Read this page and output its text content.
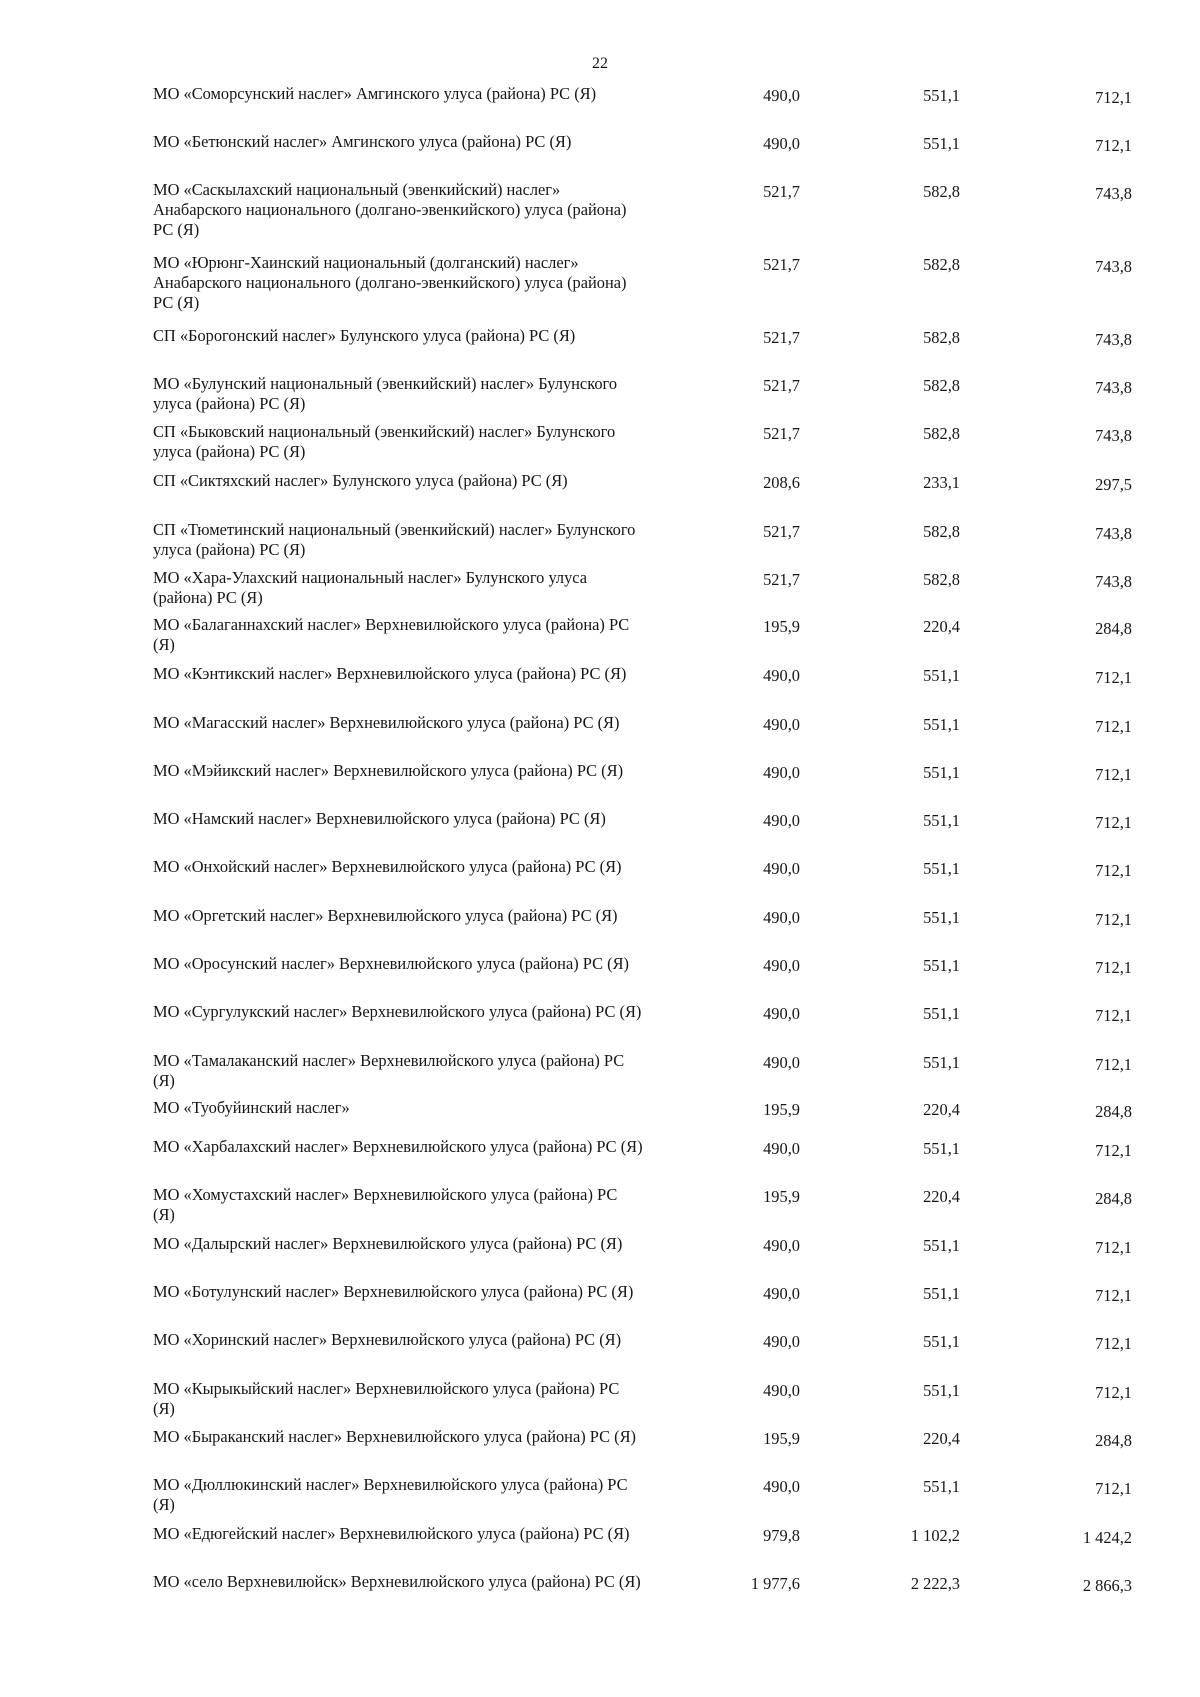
22
МО «Соморсунский наслег» Амгинского улуса (района) РС (Я)	490,0	551,1	712,1
МО «Бетюнский наслег» Амгинского улуса (района) РС (Я)	490,0	551,1	712,1
МО «Саскылахский национальный (эвенкийский) наслег» Анабарского национального (долгано-эвенкийского) улуса (района) РС (Я)
521,7	582,8	743,8
МО «Юрюнг-Хаинский национальный (долганский) наслег» Анабарского национального (долгано-эвенкийского) улуса (района) РС (Я)
521,7	582,8	743,8
СП «Борогонский наслег» Булунского улуса (района) РС (Я)	521,7	582,8	743,8
МО «Булунский национальный (эвенкийский) наслег» Булунского улуса (района) РС (Я)
521,7	582,8	743,8
СП «Быковский национальный (эвенкийский) наслег» Булунского улуса (района) РС (Я)
521,7	582,8	743,8
СП «Сиктяхский наслег» Булунского улуса (района) РС (Я)	208,6	233,1	297,5
СП «Тюметинский национальный (эвенкийский) наслег» Булунского улуса (района) РС (Я)
521,7	582,8	743,8
МО «Хара-Улахский национальный наслег» Булунского улуса (района) РС (Я)
521,7	582,8	743,8
МО «Балаганнахский наслег» Верхневилюйского улуса (района) РС (Я)
195,9	220,4	284,8
МО «Кэнтикский наслег» Верхневилюйского улуса (района) РС (Я)	490,0	551,1	712,1
МО «Магасский наслег» Верхневилюйского улуса (района) РС (Я)	490,0	551,1	712,1
МО «Мэйикский наслег» Верхневилюйского улуса (района) РС (Я)	490,0	551,1	712,1
МО «Намский наслег» Верхневилюйского улуса (района) РС (Я)	490,0	551,1	712,1
МО «Онхойский наслег» Верхневилюйского улуса (района) РС (Я)	490,0	551,1	712,1
МО «Оргетский наслег» Верхневилюйского улуса (района) РС (Я)	490,0	551,1	712,1
МО «Оросунский наслег» Верхневилюйского улуса (района) РС (Я)	490,0	551,1	712,1
МО «Сургулукский наслег» Верхневилюйского улуса (района) РС (Я)	490,0	551,1	712,1
МО «Тамалаканский наслег» Верхневилюйского улуса (района) РС (Я)
490,0	551,1	712,1
МО «Туобуйинский наслег»	195,9	220,4	284,8
МО «Харбалахский наслег» Верхневилюйского улуса (района) РС (Я)	490,0	551,1	712,1
МО «Хомустахский наслег» Верхневилюйского улуса (района) РС (Я)
195,9	220,4	284,8
МО «Далырский наслег» Верхневилюйского улуса (района) РС (Я)	490,0	551,1	712,1
МО «Ботулунский наслег» Верхневилюйского улуса (района) РС (Я)	490,0	551,1	712,1
МО «Хоринский наслег» Верхневилюйского улуса (района) РС (Я)	490,0	551,1	712,1
МО «Кырыкыйский наслег» Верхневилюйского улуса (района) РС (Я)
490,0	551,1	712,1
МО «Быраканский наслег» Верхневилюйского улуса (района) РС (Я)	195,9	220,4	284,8
МО «Дюллюкинский наслег» Верхневилюйского улуса (района) РС (Я)
490,0	551,1	712,1
МО «Едюгейский наслег» Верхневилюйского улуса (района) РС (Я)	979,8	1 102,2	1 424,2
МО «село Верхневилюйск» Верхневилюйского улуса (района) РС (Я)	1 977,6	2 222,3	2 866,3
